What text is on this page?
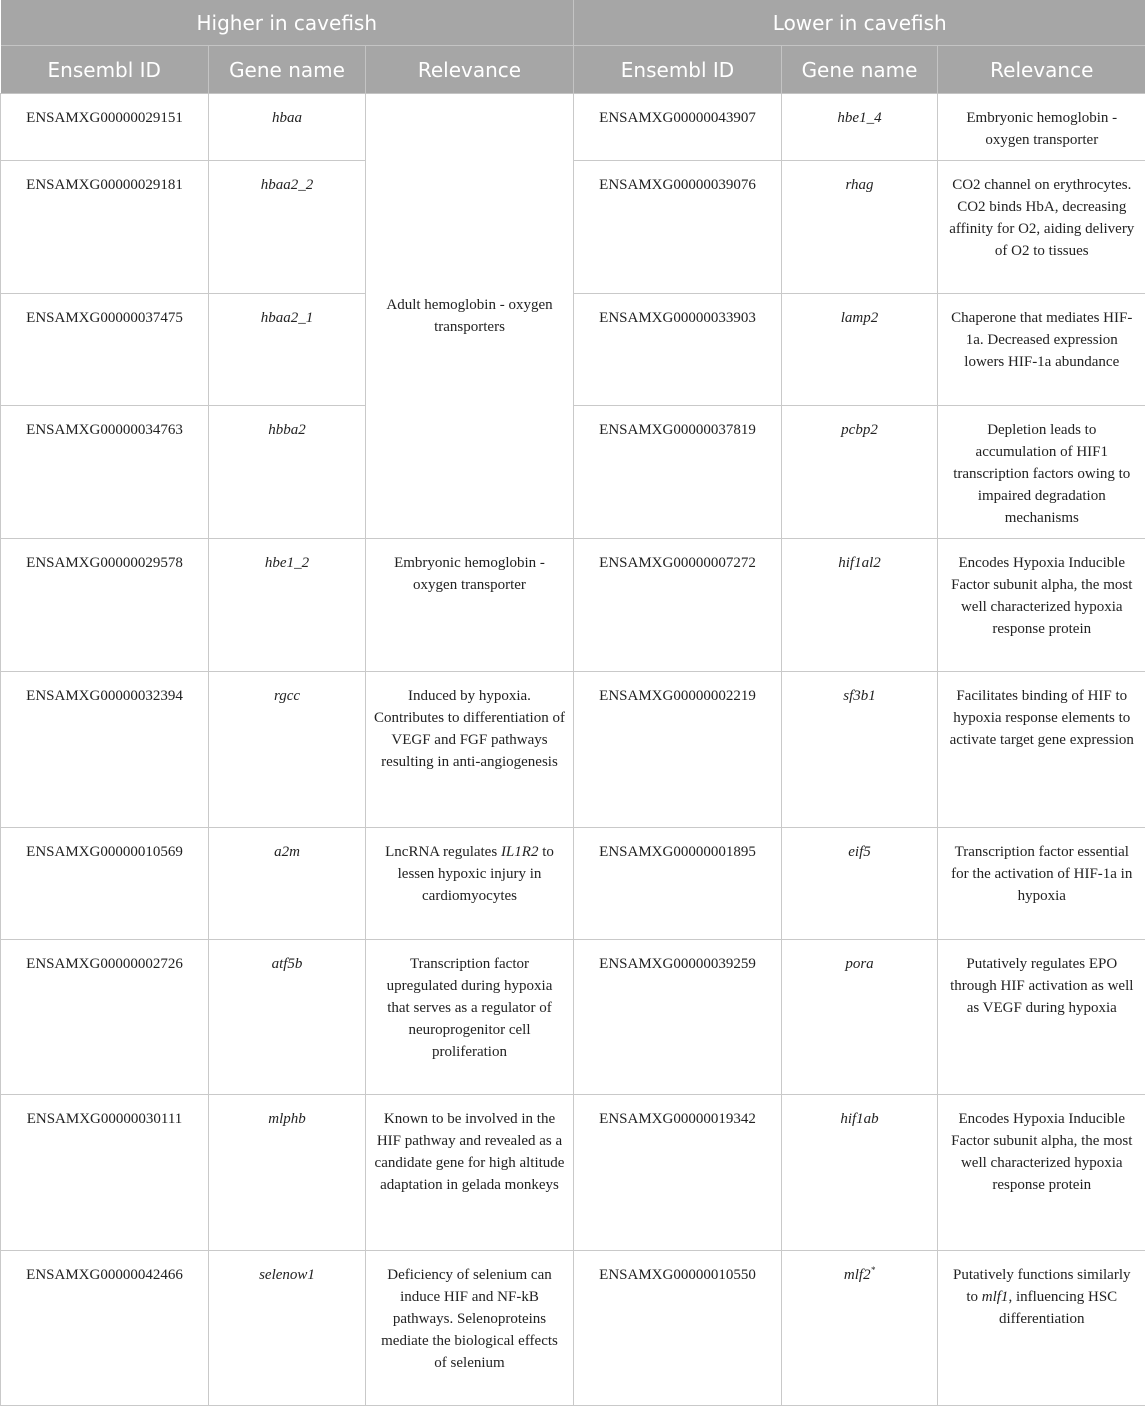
Higher in cavefish			Lower in cavefish		
Ensembl ID	Gene name	Relevance	Ensembl ID	Gene name	Relevance
ENSAMXG00000029151	hbaa	Adult hemoglobin - oxygen transporters	ENSAMXG00000043907	hbe1_4	Embryonic hemoglobin - oxygen transporter
ENSAMXG00000029181	hbaa2_2		ENSAMXG00000039076	rhag	CO2 channel on erythrocytes. CO2 binds HbA, decreasing affinity for O2, aiding delivery of O2 to tissues
ENSAMXG00000037475	hbaa2_1		ENSAMXG00000033903	lamp2	Chaperone that mediates HIF-1a. Decreased expression lowers HIF-1a abundance
ENSAMXG00000034763	hbba2		ENSAMXG00000037819	pcbp2	Depletion leads to accumulation of HIF1 transcription factors owing to impaired degradation mechanisms
ENSAMXG00000029578	hbe1_2	Embryonic hemoglobin - oxygen transporter	ENSAMXG00000007272	hif1al2	Encodes Hypoxia Inducible Factor subunit alpha, the most well characterized hypoxia response protein
ENSAMXG00000032394	rgcc	Induced by hypoxia. Contributes to differentiation of VEGF and FGF pathways resulting in anti-angiogenesis	ENSAMXG00000002219	sf3b1	Facilitates binding of HIF to hypoxia response elements to activate target gene expression
ENSAMXG00000010569	a2m	LncRNA regulates IL1R2 to lessen hypoxic injury in cardiomyocytes	ENSAMXG00000001895	eif5	Transcription factor essential for the activation of HIF-1a in hypoxia
ENSAMXG00000002726	atf5b	Transcription factor upregulated during hypoxia that serves as a regulator of neuroprogenitor cell proliferation	ENSAMXG00000039259	pora	Putatively regulates EPO through HIF activation as well as VEGF during hypoxia
ENSAMXG00000030111	mlphb	Known to be involved in the HIF pathway and revealed as a candidate gene for high altitude adaptation in gelada monkeys	ENSAMXG00000019342	hif1ab	Encodes Hypoxia Inducible Factor subunit alpha, the most well characterized hypoxia response protein
ENSAMXG00000042466	selenow1	Deficiency of selenium can induce HIF and NF-kB pathways. Selenoproteins mediate the biological effects of selenium	ENSAMXG00000010550	mlf2*	Putatively functions similarly to mlf1, influencing HSC differentiation
